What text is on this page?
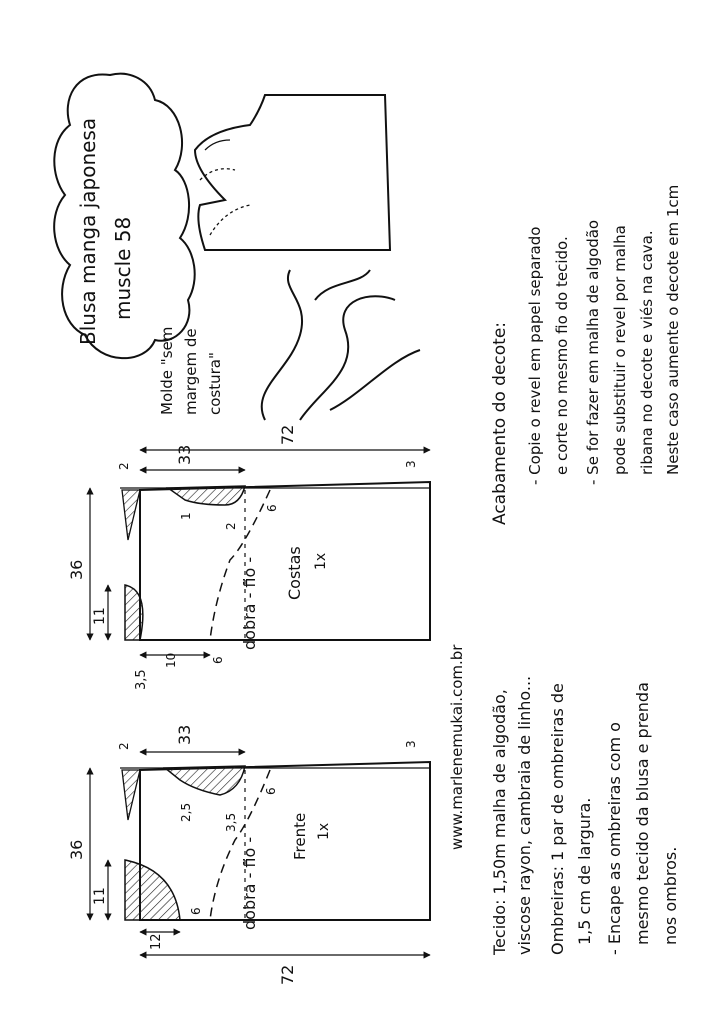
Blusa manga japonesa muscle 58
Molde "sem margem de costura"
Marlene Mukai
72
33
36
11
3,5
10	6
2	3
6
1
2
Costas 1x
dobra - fio -
72
33
36
11
12
6
2	3
6
2,5
3,5	Frente 1x
dobra - fio -
www.marlenemukai.com.br
Acabamento do decote: - Copie o revel em papel separado e corte no mesmo fio do tecido. - Se for fazer em malha de algodão pode substituir o revel por malha ribana no decote e viés na cava. Neste caso aumente o decote em 1cm
Tecido: 1,50m malha de algodão, viscose rayon, cambraia de linho... Ombreiras: 1 par de ombreiras de 1,5 cm de largura. - Encape as ombreiras com o mesmo tecido da blusa e prenda nos ombros.
